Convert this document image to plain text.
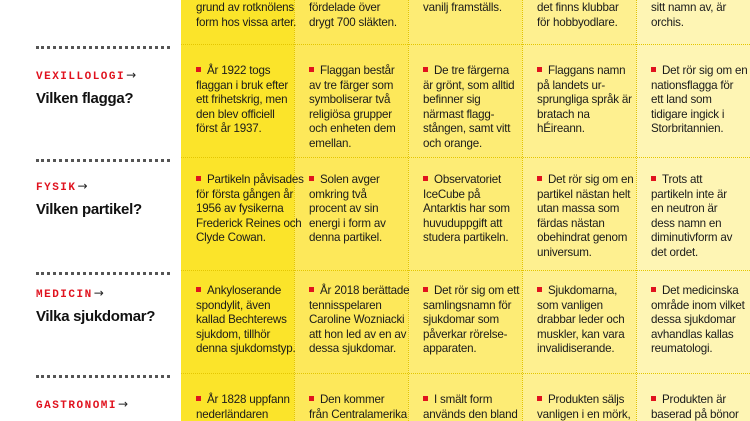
grund av rotknölens
form hos vissa arter.
fördelade över
drygt 700 släkten.
vanilj framställs.	det finns klubbar
för hobbyodlare.
sitt namn av, är
orchis.
VEXILLOLOGI→
Vilken flagga?
År 1922 togs
flaggan i bruk efter
ett frihetskrig, men
den blev officiell
först år 1937.
Flaggan består
av tre färger som
symboliserar två
religiösa grupper
och enheten dem
emellan.
De tre färgerna
är grönt, som alltid
befinner sig
närmast flagg-
stången, samt vitt
och orange.
Flaggans namn
på landets ur-
sprungliga språk är
bratach na
hÉireann.
Det rör sig om en
nationsflagga för
ett land som
tidigare ingick i
Storbritannien.
FYSIK→
Vilken partikel?
Partikeln påvisades
för första gången år
1956 av fysikerna
Frederick Reines och
Clyde Cowan.
Solen avger
omkring två
procent av sin
energi i form av
denna partikel.
Observatoriet
IceCube på
Antarktis har som
huvuduppgift att
studera partikeln.
Det rör sig om en
partikel nästan helt
utan massa som
färdas nästan
obehindrat genom
universum.
Trots att
partikeln inte är
en neutron är
dess namn en
diminutivform av
det ordet.
MEDICIN→
Vilka sjukdomar?
Ankyloserande
spondylit, även
kallad Bechterews
sjukdom, tillhör
denna sjukdomstyp.
År 2018 berättade
tennisspelaren
Caroline Wozniacki
att hon led av en av
dessa sjukdomar.
Det rör sig om ett
samlingsnamn för
sjukdomar som
påverkar rörelse-
apparaten.
Sjukdomarna,
som vanligen
drabbar leder och
muskler, kan vara
invalidiserande.
Det medicinska
område inom vilket
dessa sjukdomar
avhandlas kallas
reumatologi.
GASTRONOMI→	År 1828 uppfann
nederländaren
Den kommer
från Centralamerika
I smält form
används den bland
Produkten säljs
vanligen i en mörk,
Produkten är
baserad på bönor
